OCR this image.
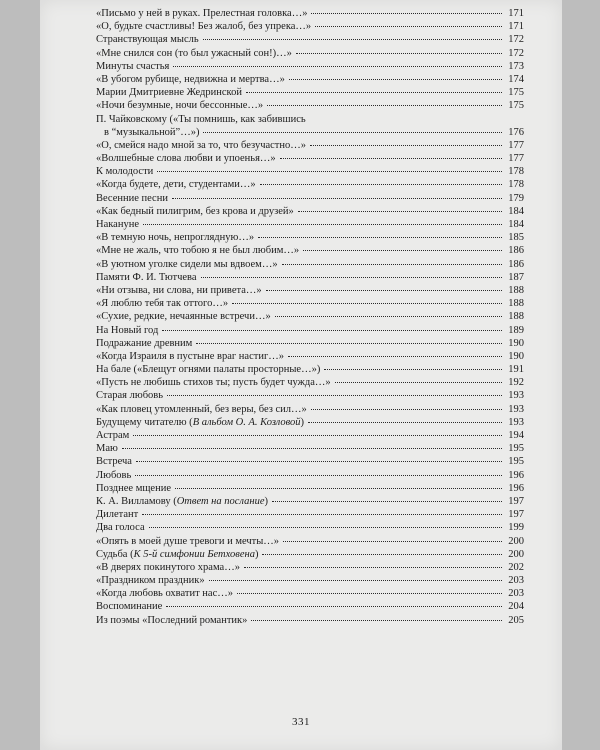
«Письмо у ней в руках. Прелестная головка…»	171
«О, будьте счастливы! Без жалоб, без упрека…»	171
Странствующая мысль	172
«Мне снился сон (то был ужасный сон!)…»	172
Минуты счастья	173
«В убогом рубище, недвижна и мертва…»	174
Марии Дмитриевне Жедринской	175
«Ночи безумные, ночи бессонные…»	175
П. Чайковскому («Ты помнишь, как забившись
в “музыкальной”…»)	176
«О, смейся надо мной за то, что безучастно…»	177
«Волшебные слова любви и упоенья…»	177
К молодости	178
«Когда будете, дети, студентами…»	178
Весенние песни	179
«Как бедный пилигрим, без крова и друзей»	184
Накануне	184
«В темную ночь, непроглядную…»	185
«Мне не жаль, что тобою я не был любим…»	186
«В уютном уголке сидели мы вдвоем…»	186
Памяти Ф. И. Тютчева	187
«Ни отзыва, ни слова, ни привета…»	188
«Я люблю тебя так оттого…»	188
«Сухие, редкие, нечаянные встречи…»	188
На Новый год	189
Подражание древним	190
«Когда Израиля в пустыне враг настиг…»	190
На бале («Блещут огнями палаты просторные…»)	191
«Пусть не любишь стихов ты; пусть будет чужда…»	192
Старая любовь	193
«Как пловец утомленный, без веры, без сил…»	193
Будущему читателю (В альбом О. А. Козловой)	193
Астрам	194
Маю	195
Встреча	195
Любовь	196
Позднее мщение	196
К. А. Вилламову (Ответ на послание)	197
Дилетант	197
Два голоса	199
«Опять в моей душе тревоги и мечты…»	200
Судьба (К 5-й симфонии Бетховена)	200
«В дверях покинутого храма…»	202
«Праздником праздник»	203
«Когда любовь охватит нас…»	203
Воспоминание	204
Из поэмы «Последний романтик»	205
331
